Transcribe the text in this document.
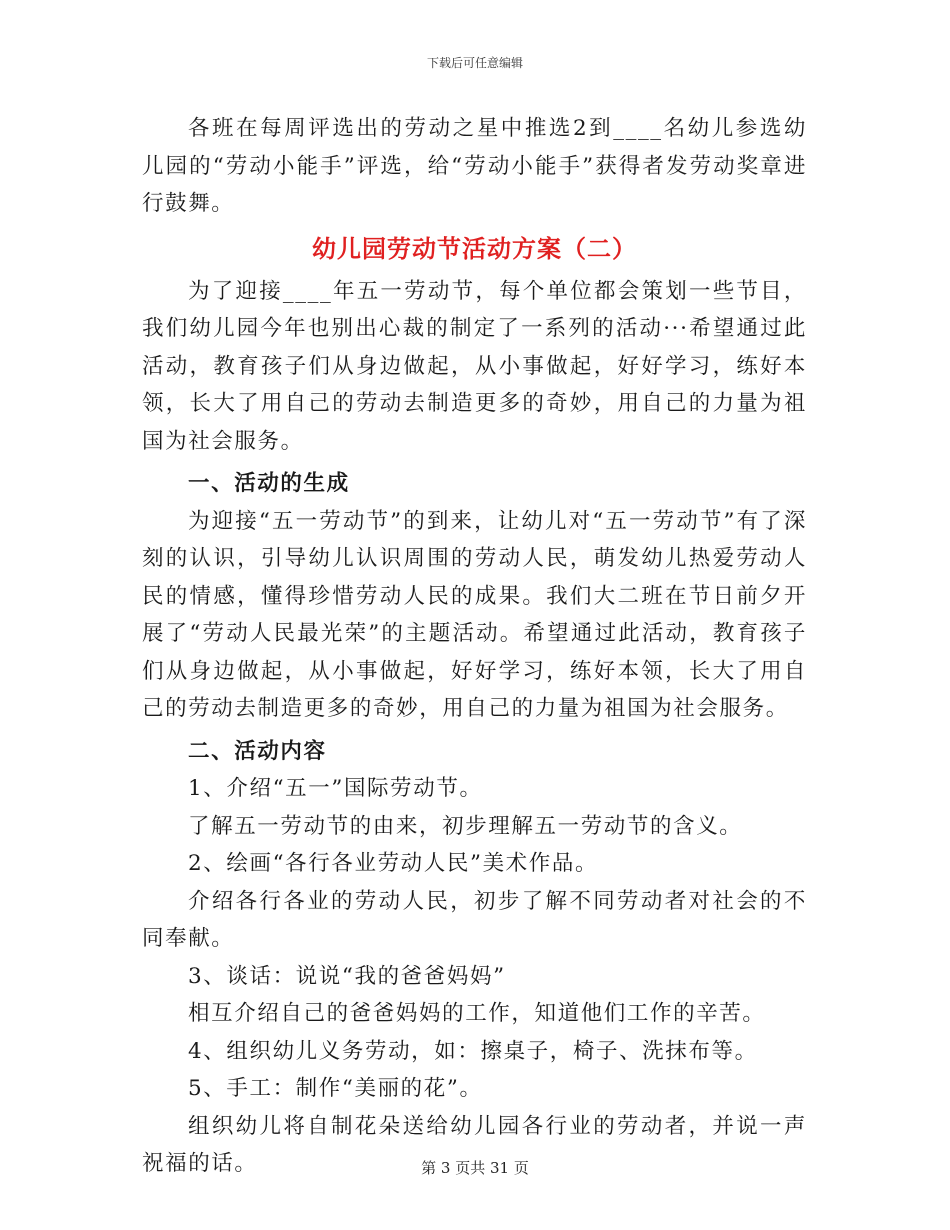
下载后可任意编辑

各班在每周评选出的劳动之星中推选2到____名幼儿参选幼儿园的“劳动小能手”评选，给“劳动小能手”获得者发劳动奖章进行鼓舞。

幼儿园劳动节活动方案（二）

为了迎接____年五一劳动节，每个单位都会策划一些节目，我们幼儿园今年也别出心裁的制定了一系列的活动···希望通过此活动，教育孩子们从身边做起，从小事做起，好好学习，练好本领，长大了用自己的劳动去制造更多的奇妙，用自己的力量为祖国为社会服务。

一、活动的生成

为迎接“五一劳动节”的到来，让幼儿对“五一劳动节”有了深刻的认识，引导幼儿认识周围的劳动人民，萌发幼儿热爱劳动人民的情感，懂得珍惜劳动人民的成果。我们大二班在节日前夕开展了“劳动人民最光荣”的主题活动。希望通过此活动，教育孩子们从身边做起，从小事做起，好好学习，练好本领，长大了用自己的劳动去制造更多的奇妙，用自己的力量为祖国为社会服务。

二、活动内容

1、介绍“五一”国际劳动节。

了解五一劳动节的由来，初步理解五一劳动节的含义。

2、绘画“各行各业劳动人民”美术作品。

介绍各行各业的劳动人民，初步了解不同劳动者对社会的不同奉献。

3、谈话：说说“我的爸爸妈妈”

相互介绍自己的爸爸妈妈的工作，知道他们工作的辛苦。

4、组织幼儿义务劳动，如：擦桌子，椅子、洗抹布等。

5、手工：制作“美丽的花”。

组织幼儿将自制花朵送给幼儿园各行业的劳动者，并说一声祝福的话。	第 3 页共 31 页
